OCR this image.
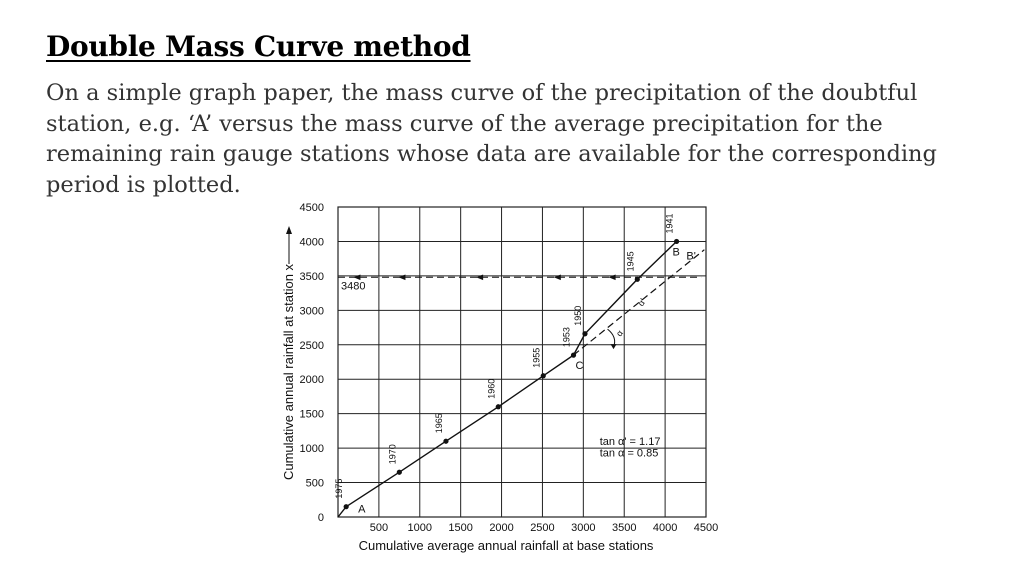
Double Mass Curve method

On a simple graph paper, the mass curve of the precipitation of the doubtful station, e.g. ‘A’ versus the mass curve of the average precipitation for the remaining rain gauge stations whose data are available for the corresponding period is plotted.

500 1000 1500 2000 2500 3000 3500 4000 4500
0
500
1000
1500
2000
2500
3000
3500
4000
4500
Cumulative average annual rainfall at base stations
Cumulative annual rainfall at station x	3480
1975
1970
1965
1960
1955
1953
1950
1945
1941
A
C
B B'
α
α'
tan α' = 1.17
tan α = 0.85
